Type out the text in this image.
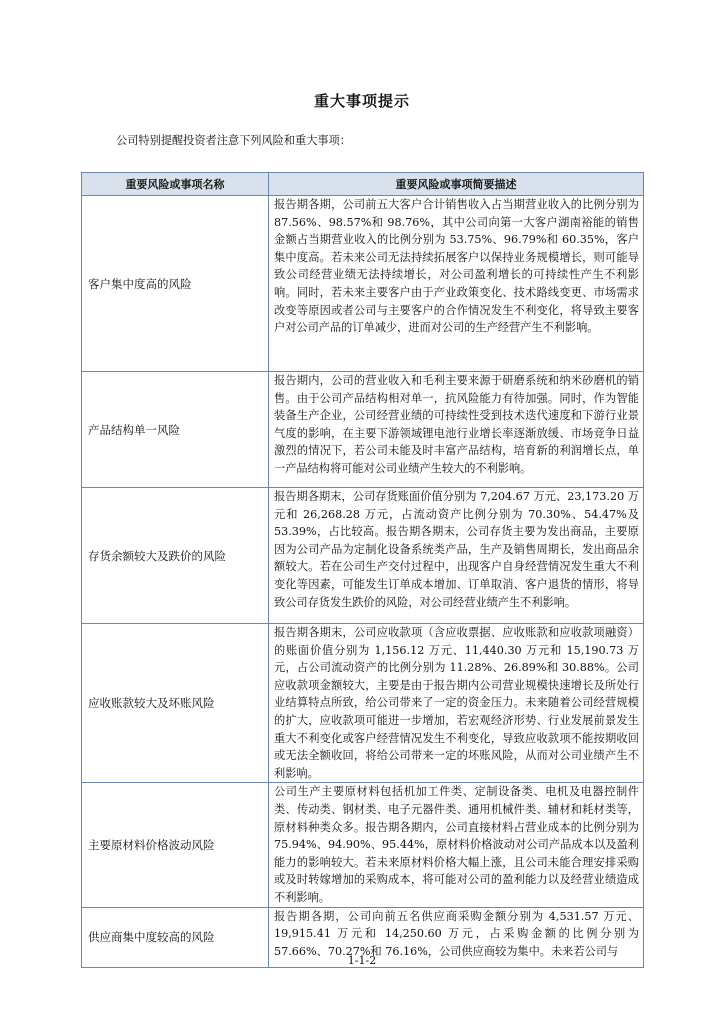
重大事项提示
公司特别提醒投资者注意下列风险和重大事项：
重要风险或事项名称	重要风险或事项简要描述
客户集中度高的风险	报告期各期，公司前五大客户合计销售收入占当期营业收入的比例分别为 87.56%、98.57%和 98.76%，其中公司向第一大客户湖南裕能的销售金额占当期营业收入的比例分别为 53.75%、96.79%和 60.35%，客户集中度高。若未来公司无法持续拓展客户以保持业务规模增长，则可能导致公司经营业绩无法持续增长，对公司盈利增长的可持续性产生不利影响。同时，若未来主要客户由于产业政策变化、技术路线变更、市场需求改变等原因或者公司与主要客户的合作情况发生不利变化，将导致主要客户对公司产品的订单减少，进而对公司的生产经营产生不利影响。
产品结构单一风险	报告期内，公司的营业收入和毛利主要来源于研磨系统和纳米砂磨机的销售。由于公司产品结构相对单一，抗风险能力有待加强。同时，作为智能装备生产企业，公司经营业绩的可持续性受到技术迭代速度和下游行业景气度的影响，在主要下游领域锂电池行业增长率逐渐放缓、市场竞争日益激烈的情况下，若公司未能及时丰富产品结构，培育新的利润增长点，单一产品结构将可能对公司业绩产生较大的不利影响。
存货余额较大及跌价的风险	报告期各期末，公司存货账面价值分别为 7,204.67 万元、23,173.20 万元和 26,268.28 万元，占流动资产比例分别为 70.30%、54.47%及 53.39%，占比较高。报告期各期末，公司存货主要为发出商品，主要原因为公司产品为定制化设备系统类产品，生产及销售周期长，发出商品余额较大。若在公司生产交付过程中，出现客户自身经营情况发生重大不利变化等因素，可能发生订单成本增加、订单取消、客户退货的情形，将导致公司存货发生跌价的风险，对公司经营业绩产生不利影响。
应收账款较大及坏账风险	报告期各期末，公司应收款项（含应收票据、应收账款和应收款项融资）的账面价值分别为 1,156.12 万元、11,440.30 万元和 15,190.73 万元，占公司流动资产的比例分别为 11.28%、26.89%和 30.88%。公司应收款项金额较大，主要是由于报告期内公司营业规模快速增长及所处行业结算特点所致，给公司带来了一定的资金压力。未来随着公司经营规模的扩大，应收款项可能进一步增加，若宏观经济形势、行业发展前景发生重大不利变化或客户经营情况发生不利变化，导致应收款项不能按期收回或无法全额收回，将给公司带来一定的坏账风险，从而对公司业绩产生不利影响。
主要原材料价格波动风险	公司生产主要原材料包括机加工件类、定制设备类、电机及电器控制件类、传动类、钢材类、电子元器件类、通用机械件类、辅材和耗材类等，原材料种类众多。报告期各期内，公司直接材料占营业成本的比例分别为 75.94%、94.90%、95.44%，原材料价格波动对公司产品成本以及盈利能力的影响较大。若未来原材料价格大幅上涨，且公司未能合理安排采购或及时转嫁增加的采购成本，将可能对公司的盈利能力以及经营业绩造成不利影响。
供应商集中度较高的风险	报告期各期，公司向前五名供应商采购金额分别为 4,531.57 万元、19,915.41 万元和 14,250.60 万元，占采购金额的比例分别为 57.66%、70.27%和 76.16%，公司供应商较为集中。未来若公司与
1-1-2
